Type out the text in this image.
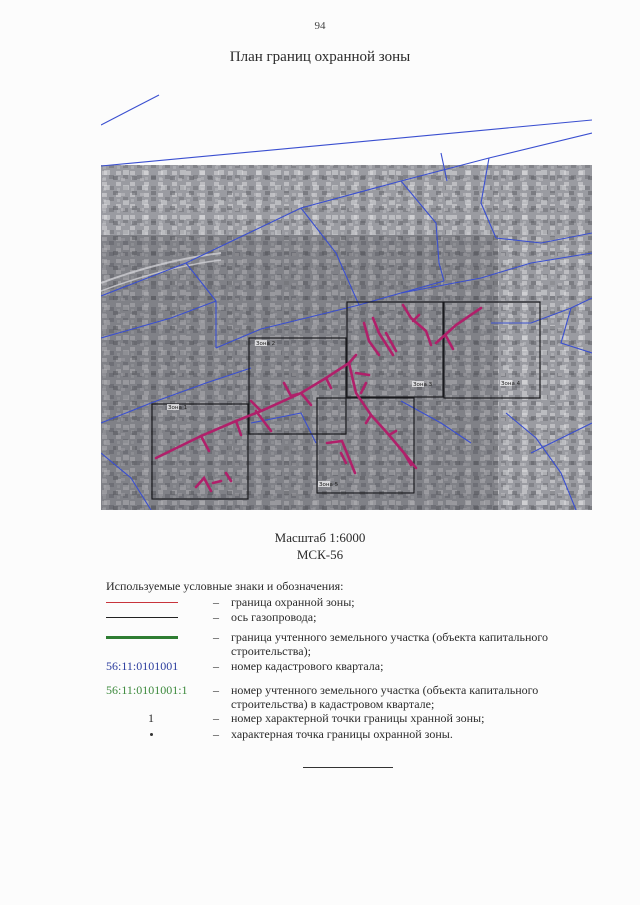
94
План границ охранной зоны
Зона 1
Зона 2
Зона 3	Зона 4
Зона 5
Масштаб 1:6000
МСК-56
Используемые условные знаки и обозначения:
– граница охранной зоны;
– ось газопровода;
– граница учтенного земельного участка (объекта капитального строительства);
56:11:0101001	– номер кадастрового квартала;
56:11:0101001:1 – номер учтенного земельного участка (объекта капитального строительства) в кадастровом квартале;
1	– номер характерной точки границы хранной зоны;
– характерная точка границы охранной зоны.
